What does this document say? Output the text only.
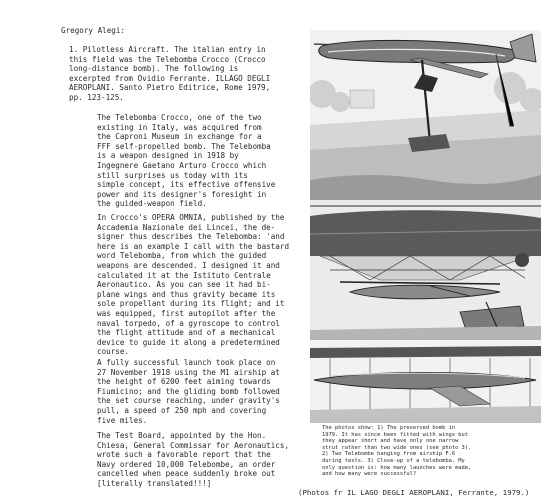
Gregory Alegi:

1. Pilotless Aircraft. The italian entry in
this field was the Telebomba Crocco (Crocco
long-distance bomb). The following is
excerpted from Ovidio Ferrante. ILLAGO DEGLI
AEROPLANI. Santo Pietro Editrice, Rome 1979,
pp. 123-125.

The Telebomba Crocco, one of the two
existing in Italy, was acquired from
the Caproni Museum in exchange for a
FFF self-propelled bomb. The Telebomba
is a weapon designed in 1918 by
Ingegnere Gaetano Arturo Crocco which
still surprises us today with its
simple concept, its effective offensive
power and its designer's foresight in
the guided-weapon field.

In Crocco's OPERA OMNIA, published by the
Accademia Nazionale dei Lincei, the de-
signer thus describes the Telebomba: 'and
here is an example I call with the bastard
word Telebomba, from which the guided
weapons are descended. I designed it and
calculated it at the Istituto Centrale
Aeronautico. As you can see it had bi-
plane wings and thus gravity became its
sole propellant during its flight; and it
was equipped, first autopilot after the
naval torpedo, of a gyroscope to control
the flight attitude and of a mechanical
device to guide it along a predetermined
course.

A fully successful launch took place on
27 November 1918 using the M1 airship at
the height of 6200 feet aiming towards
Fiumicino; and the gliding bomb followed
the set course reaching, under gravity's
pull, a speed of 250 mph and covering
five miles.

The Test Board, appointed by the Hon.
Chiesa, General Commissar for Aeronautics,
wrote such a favorable report that the
Navy ordered 10,000 Telebombe, an order
cancelled when peace suddenly broke out
[literally translated!!!]

The photos show: 1) The preserved bomb in
1979. It has since been fitted with wings but
they appear short and have only one narrow
strut rather than two wide ones (see photo 3).
2) Two Telebombe hanging from airship F.6
during tests. 3) Close-up of a telebomba. My
only question is: how many launches were made,
and how many were successful?

(Photos fr IL LAGO DEGLI AEROPLANI, Ferrante, 1979.)
